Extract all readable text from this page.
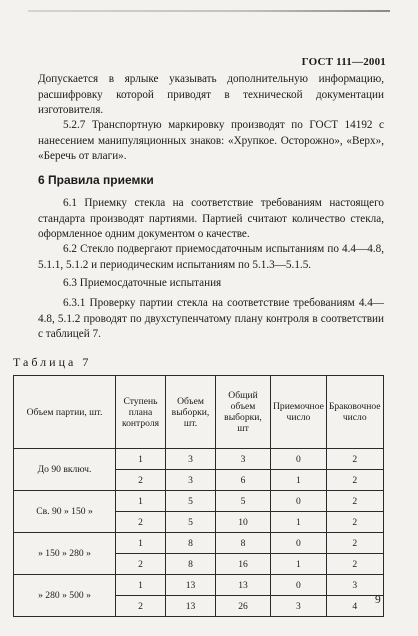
ГОСТ 111—2001
Допускается в ярлыке указывать дополнительную информацию, расшифровку которой приводят в технической документации изготовителя.
5.2.7 Транспортную маркировку производят по ГОСТ 14192 с нанесением манипуляционных знаков: «Хрупкое. Осторожно», «Верх», «Беречь от влаги».
6 Правила приемки
6.1 Приемку стекла на соответствие требованиям настоящего стандарта производят партиями. Партией считают количество стекла, оформленное одним документом о качестве.
6.2 Стекло подвергают приемосдаточным испытаниям по 4.4—4.8, 5.1.1, 5.1.2 и периодическим испытаниям по 5.1.3—5.1.5.
6.3 Приемосдаточные испытания
6.3.1 Проверку партии стекла на соответствие требованиям 4.4—4.8, 5.1.2 проводят по двухступенчатому плану контроля в соответствии с таблицей 7.
Таблица 7
Объем партии, шт.	Ступень плана контроля	Объем выборки, шт.	Общий объем выборки, шт	Приемочное число	Браковочное число
До 90 включ.	1	3	3	0	2
	2	3	6	1	2
Св. 90 » 150 »	1	5	5	0	2
	2	5	10	1	2
» 150 » 280 »	1	8	8	0	2
	2	8	16	1	2
» 280 » 500 »	1	13	13	0	3
	2	13	26	3	4 9
